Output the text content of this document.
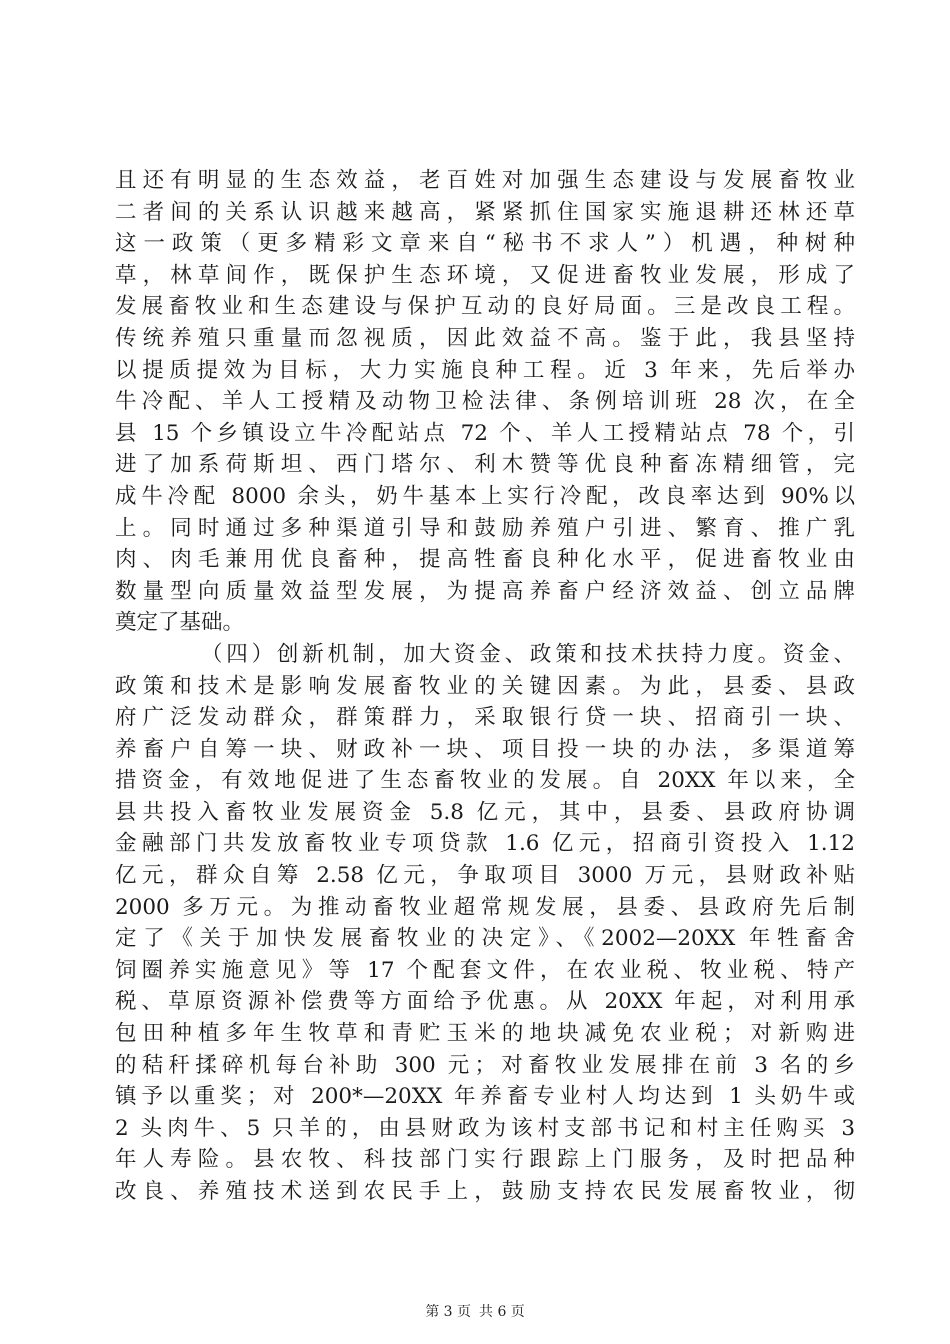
且还有明显的生态效益，老百姓对加强生态建设与发展畜牧业
二者间的关系认识越来越高，紧紧抓住国家实施退耕还林还草
这一政策（更多精彩文章来自“秘书不求人”）机遇，种树种
草，林草间作，既保护生态环境，又促进畜牧业发展，形成了
发展畜牧业和生态建设与保护互动的良好局面。三是改良工程。
传统养殖只重量而忽视质，因此效益不高。鉴于此，我县坚持
以提质提效为目标，大力实施良种工程。近 3 年来，先后举办
牛冷配、羊人工授精及动物卫检法律、条例培训班 28 次，在全
县 15 个乡镇设立牛冷配站点 72 个、羊人工授精站点 78 个，引
进了加系荷斯坦、西门塔尔、利木赞等优良种畜冻精细管，完
成牛冷配 8000 余头，奶牛基本上实行冷配，改良率达到 90%以
上。同时通过多种渠道引导和鼓励养殖户引进、繁育、推广乳
肉、肉毛兼用优良畜种，提高牲畜良种化水平，促进畜牧业由
数量型向质量效益型发展，为提高养畜户经济效益、创立品牌
奠定了基础。
（四）创新机制，加大资金、政策和技术扶持力度。资金、
政策和技术是影响发展畜牧业的关键因素。为此，县委、县政
府广泛发动群众，群策群力，采取银行贷一块、招商引一块、
养畜户自筹一块、财政补一块、项目投一块的办法，多渠道筹
措资金，有效地促进了生态畜牧业的发展。自 20XX 年以来，全
县共投入畜牧业发展资金 5.8 亿元，其中，县委、县政府协调
金融部门共发放畜牧业专项贷款 1.6 亿元，招商引资投入 1.12
亿元，群众自筹 2.58 亿元，争取项目 3000 万元，县财政补贴
2000 多万元。为推动畜牧业超常规发展，县委、县政府先后制
定了《关于加快发展畜牧业的决定》、《2002—20XX 年牲畜舍
饲圈养实施意见》等 17 个配套文件，在农业税、牧业税、特产
税、草原资源补偿费等方面给予优惠。从 20XX 年起，对利用承
包田种植多年生牧草和青贮玉米的地块减免农业税；对新购进
的秸秆揉碎机每台补助 300 元；对畜牧业发展排在前 3 名的乡
镇予以重奖；对 200*—20XX 年养畜专业村人均达到 1 头奶牛或
2 头肉牛、5 只羊的，由县财政为该村支部书记和村主任购买 3
年人寿险。县农牧、科技部门实行跟踪上门服务，及时把品种
改良、养殖技术送到农民手上，鼓励支持农民发展畜牧业，彻
第 3 页 共 6 页
